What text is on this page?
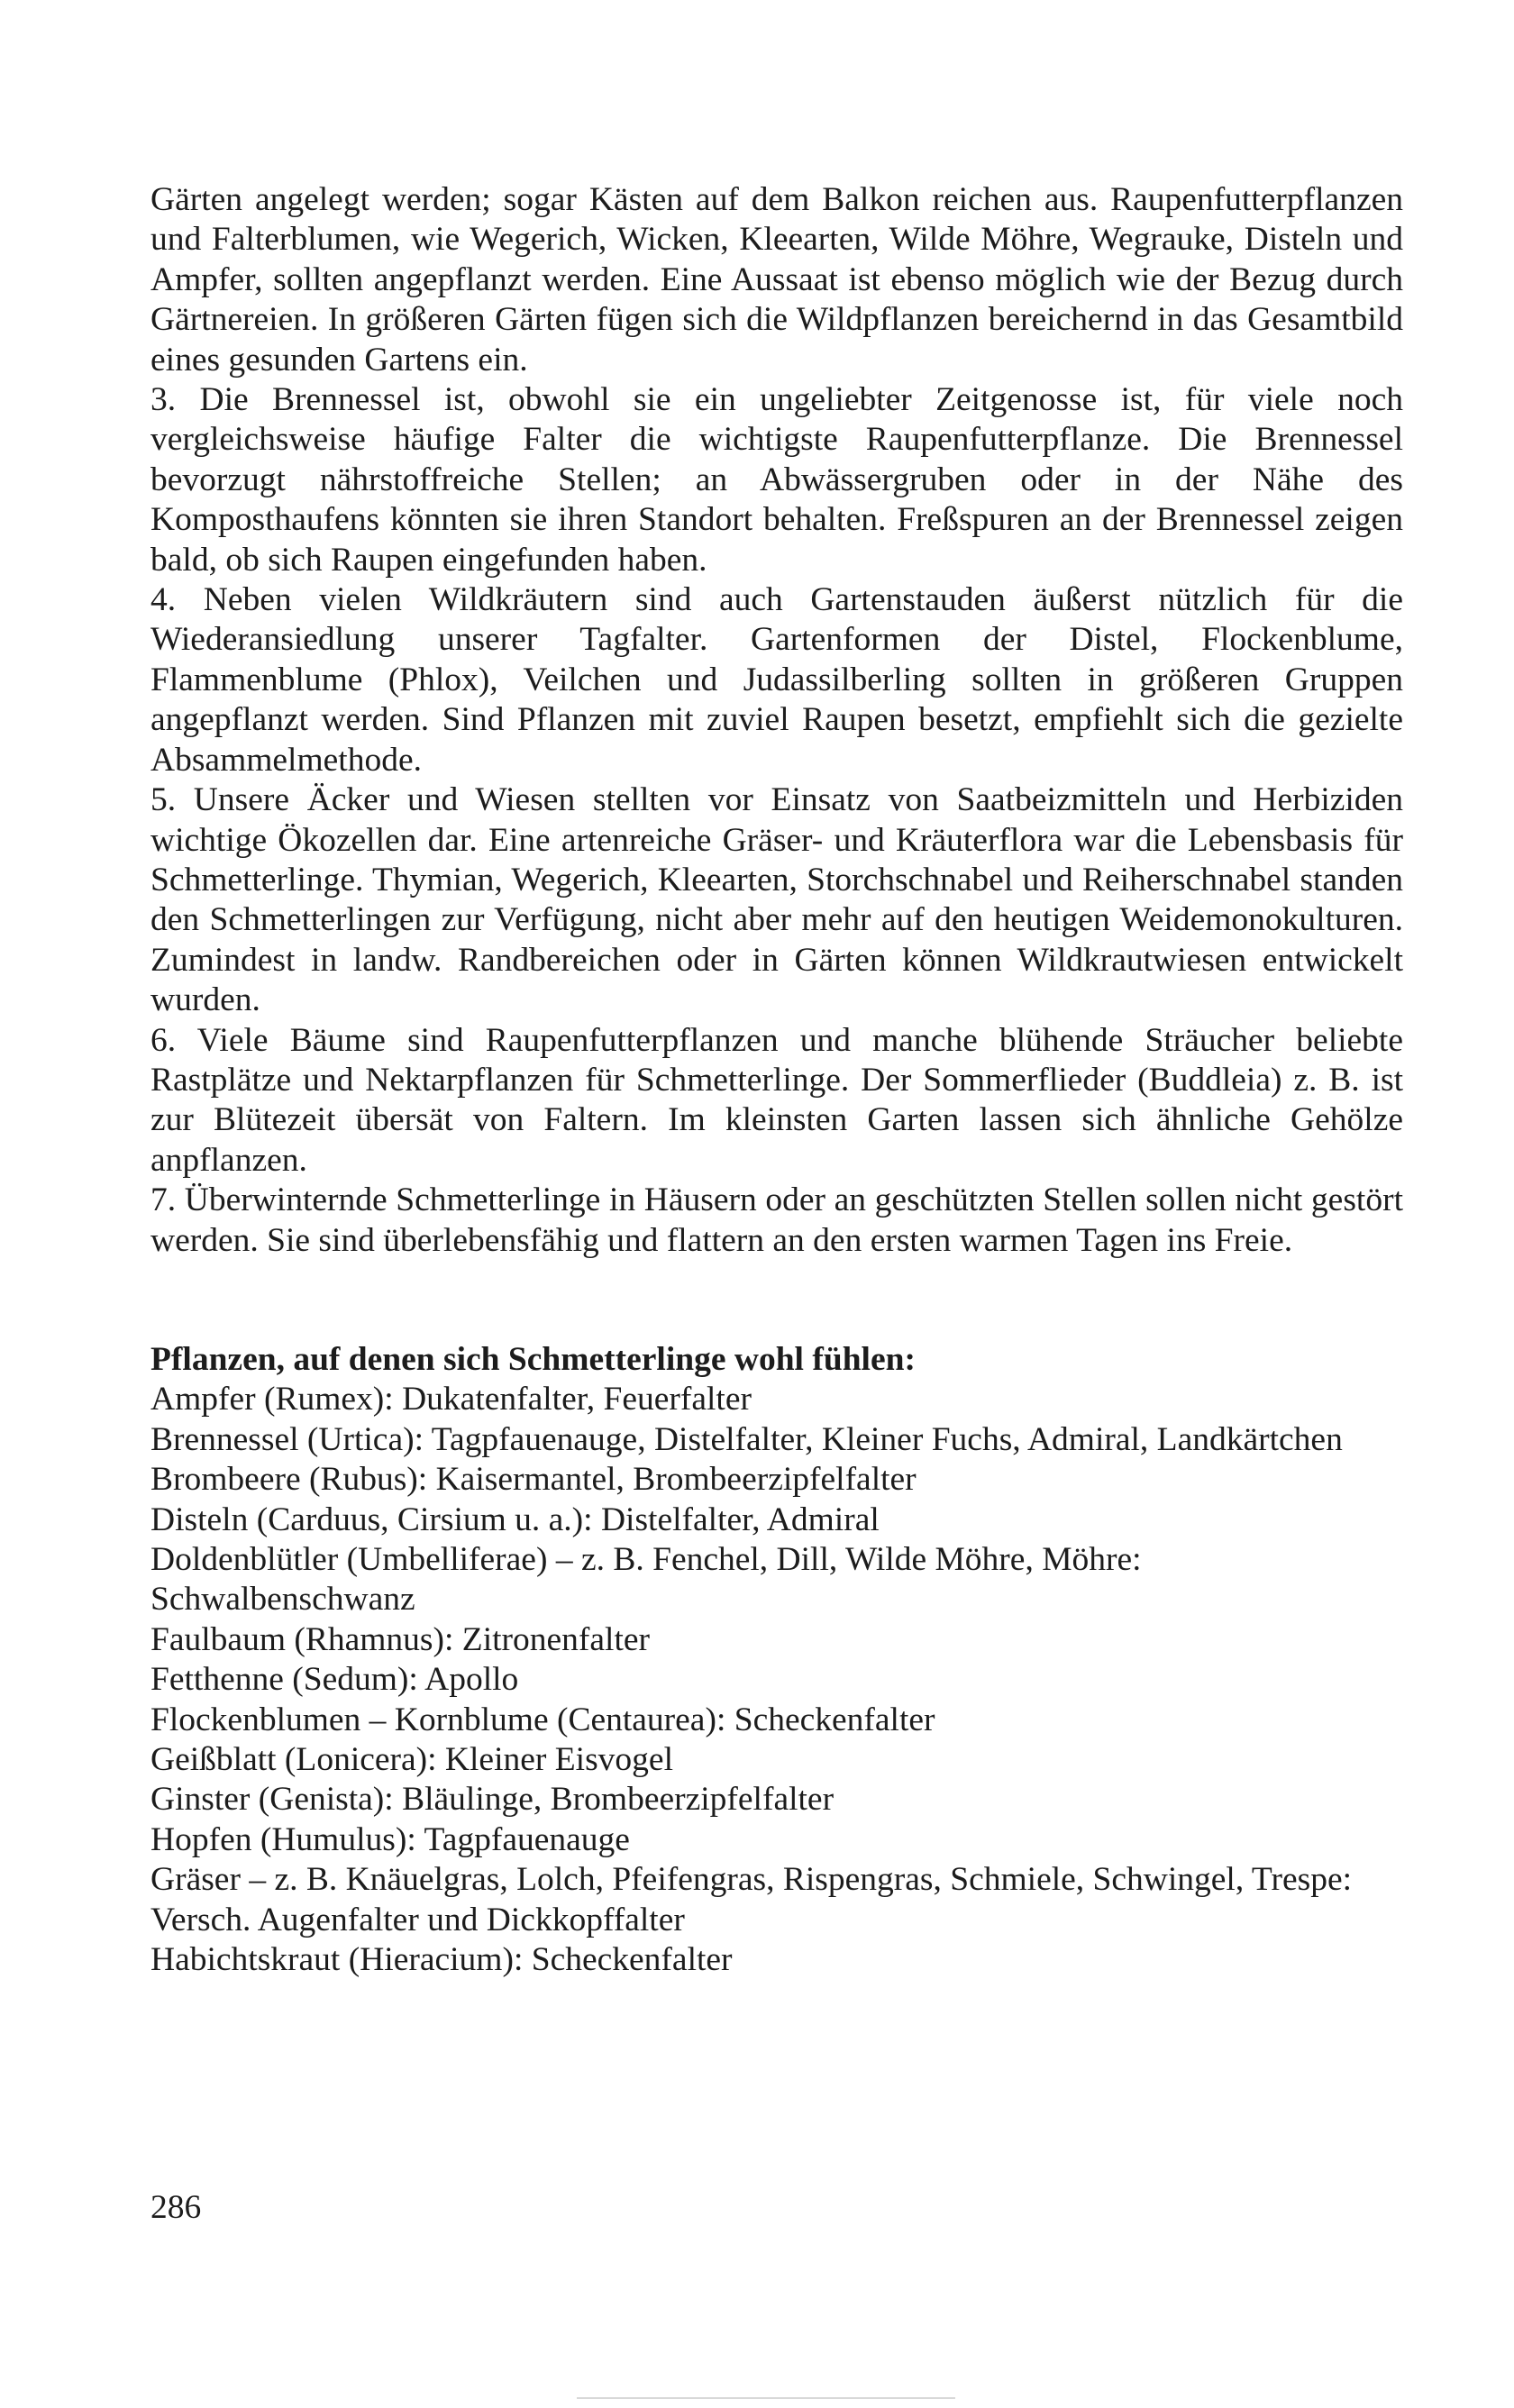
Gärten angelegt werden; sogar Kästen auf dem Balkon reichen aus. Raupenfutterpflanzen und Falterblumen, wie Wegerich, Wicken, Kleearten, Wilde Möhre, Wegrauke, Disteln und Ampfer, sollten angepflanzt werden. Eine Aussaat ist ebenso möglich wie der Bezug durch Gärtnereien. In größeren Gärten fügen sich die Wildpflanzen bereichernd in das Gesamtbild eines gesunden Gartens ein.

3. Die Brennessel ist, obwohl sie ein ungeliebter Zeitgenosse ist, für viele noch vergleichsweise häufige Falter die wichtigste Raupenfutterpflanze. Die Brennessel bevorzugt nährstoffreiche Stellen; an Abwässergruben oder in der Nähe des Komposthaufens könnten sie ihren Standort behalten. Freßspuren an der Brennessel zeigen bald, ob sich Raupen eingefunden haben.

4. Neben vielen Wildkräutern sind auch Gartenstauden äußerst nützlich für die Wiederansiedlung unserer Tagfalter. Gartenformen der Distel, Flockenblume, Flammenblume (Phlox), Veilchen und Judassilberling sollten in größeren Gruppen angepflanzt werden. Sind Pflanzen mit zuviel Raupen besetzt, empfiehlt sich die gezielte Absammelmethode.

5. Unsere Äcker und Wiesen stellten vor Einsatz von Saatbeizmitteln und Herbiziden wichtige Ökozellen dar. Eine artenreiche Gräser- und Kräuterflora war die Lebensbasis für Schmetterlinge. Thymian, Wegerich, Kleearten, Storchschnabel und Reiherschnabel standen den Schmetterlingen zur Verfügung, nicht aber mehr auf den heutigen Weidemonokulturen. Zumindest in landw. Randbereichen oder in Gärten können Wildkrautwiesen entwickelt wurden.

6. Viele Bäume sind Raupenfutterpflanzen und manche blühende Sträucher beliebte Rastplätze und Nektarpflanzen für Schmetterlinge. Der Sommerflieder (Buddleia) z. B. ist zur Blütezeit übersät von Faltern. Im kleinsten Garten lassen sich ähnliche Gehölze anpflanzen.

7. Überwinternde Schmetterlinge in Häusern oder an geschützten Stellen sollen nicht gestört werden. Sie sind überlebensfähig und flattern an den ersten warmen Tagen ins Freie.

Pflanzen, auf denen sich Schmetterlinge wohl fühlen:

Ampfer (Rumex): Dukatenfalter, Feuerfalter

Brennessel (Urtica): Tagpfauenauge, Distelfalter, Kleiner Fuchs, Admiral, Landkärtchen

Brombeere (Rubus): Kaisermantel, Brombeerzipfelfalter

Disteln (Carduus, Cirsium u. a.): Distelfalter, Admiral

Doldenblütler (Umbelliferae) – z. B. Fenchel, Dill, Wilde Möhre, Möhre: Schwalbenschwanz

Faulbaum (Rhamnus): Zitronenfalter

Fetthenne (Sedum): Apollo

Flockenblumen – Kornblume (Centaurea): Scheckenfalter

Geißblatt (Lonicera): Kleiner Eisvogel

Ginster (Genista): Bläulinge, Brombeerzipfelfalter

Hopfen (Humulus): Tagpfauenauge

Gräser – z. B. Knäuelgras, Lolch, Pfeifengras, Rispengras, Schmiele, Schwingel, Trespe: Versch. Augenfalter und Dickkopffalter

Habichtskraut (Hieracium): Scheckenfalter

286
